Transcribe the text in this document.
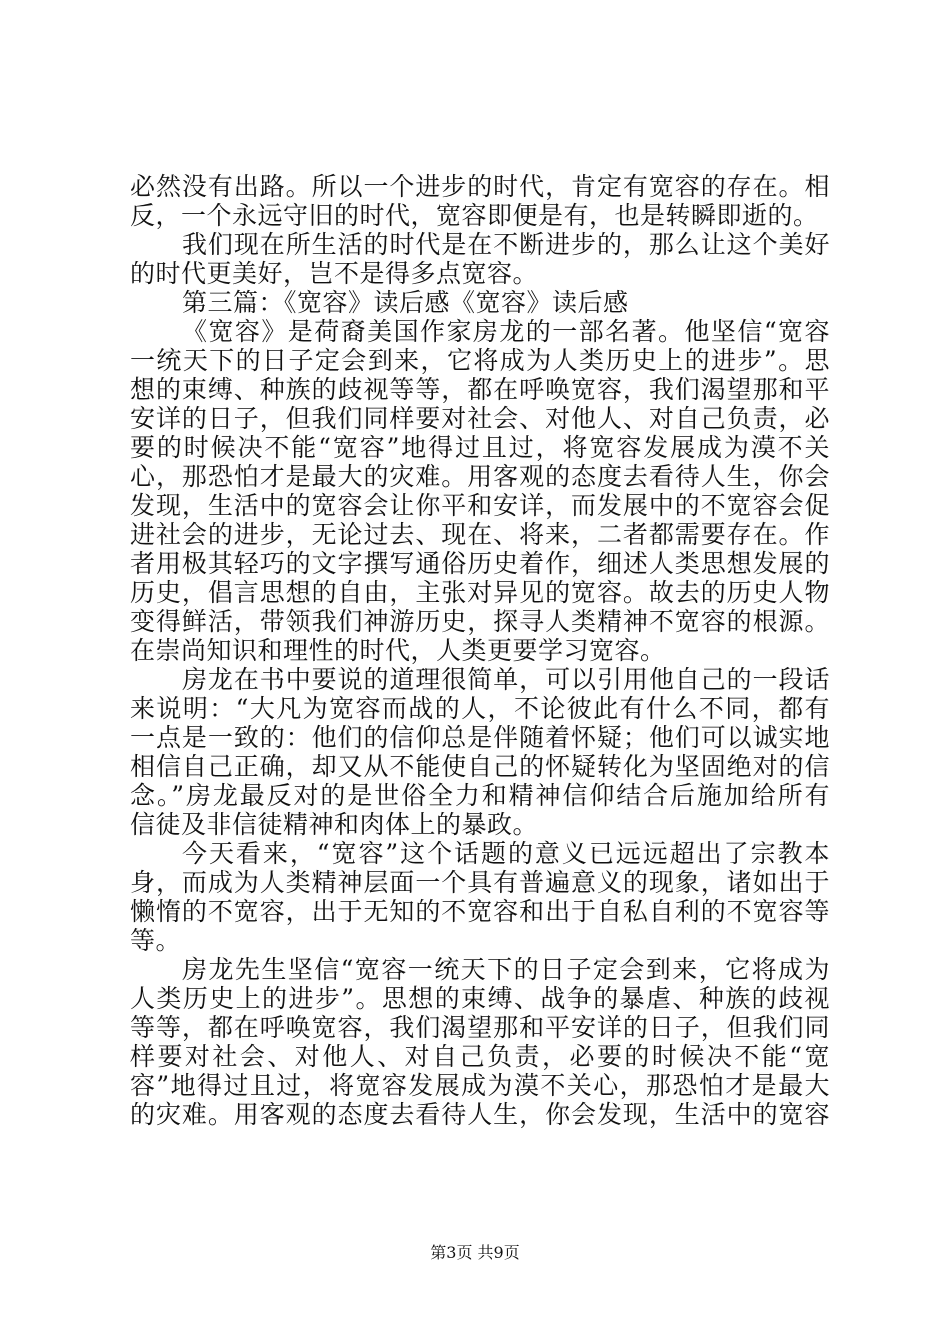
必然没有出路。所以一个进步的时代，肯定有宽容的存在。相
反，一个永远守旧的时代，宽容即便是有，也是转瞬即逝的。
我们现在所生活的时代是在不断进步的，那么让这个美好
的时代更美好，岂不是得多点宽容。
第三篇：《宽容》读后感《宽容》读后感
《宽容》是荷裔美国作家房龙的一部名著。他坚信“宽容
一统天下的日子定会到来，它将成为人类历史上的进步”。思
想的束缚、种族的歧视等等，都在呼唤宽容，我们渴望那和平
安详的日子，但我们同样要对社会、对他人、对自己负责，必
要的时候决不能“宽容”地得过且过，将宽容发展成为漠不关
心，那恐怕才是最大的灾难。用客观的态度去看待人生，你会
发现，生活中的宽容会让你平和安详，而发展中的不宽容会促
进社会的进步，无论过去、现在、将来，二者都需要存在。作
者用极其轻巧的文字撰写通俗历史着作，细述人类思想发展的
历史，倡言思想的自由，主张对异见的宽容。故去的历史人物
变得鲜活，带领我们神游历史，探寻人类精神不宽容的根源。
在崇尚知识和理性的时代，人类更要学习宽容。
房龙在书中要说的道理很简单，可以引用他自己的一段话
来说明：“大凡为宽容而战的人，不论彼此有什么不同，都有
一点是一致的：他们的信仰总是伴随着怀疑；他们可以诚实地
相信自己正确，却又从不能使自己的怀疑转化为坚固绝对的信
念。”房龙最反对的是世俗全力和精神信仰结合后施加给所有
信徒及非信徒精神和肉体上的暴政。
今天看来，“宽容”这个话题的意义已远远超出了宗教本
身，而成为人类精神层面一个具有普遍意义的现象，诸如出于
懒惰的不宽容，出于无知的不宽容和出于自私自利的不宽容等
等。
房龙先生坚信“宽容一统天下的日子定会到来，它将成为
人类历史上的进步”。思想的束缚、战争的暴虐、种族的歧视
等等，都在呼唤宽容，我们渴望那和平安详的日子，但我们同
样要对社会、对他人、对自己负责，必要的时候决不能“宽
容”地得过且过，将宽容发展成为漠不关心，那恐怕才是最大
的灾难。用客观的态度去看待人生，你会发现，生活中的宽容
第3页 共9页
